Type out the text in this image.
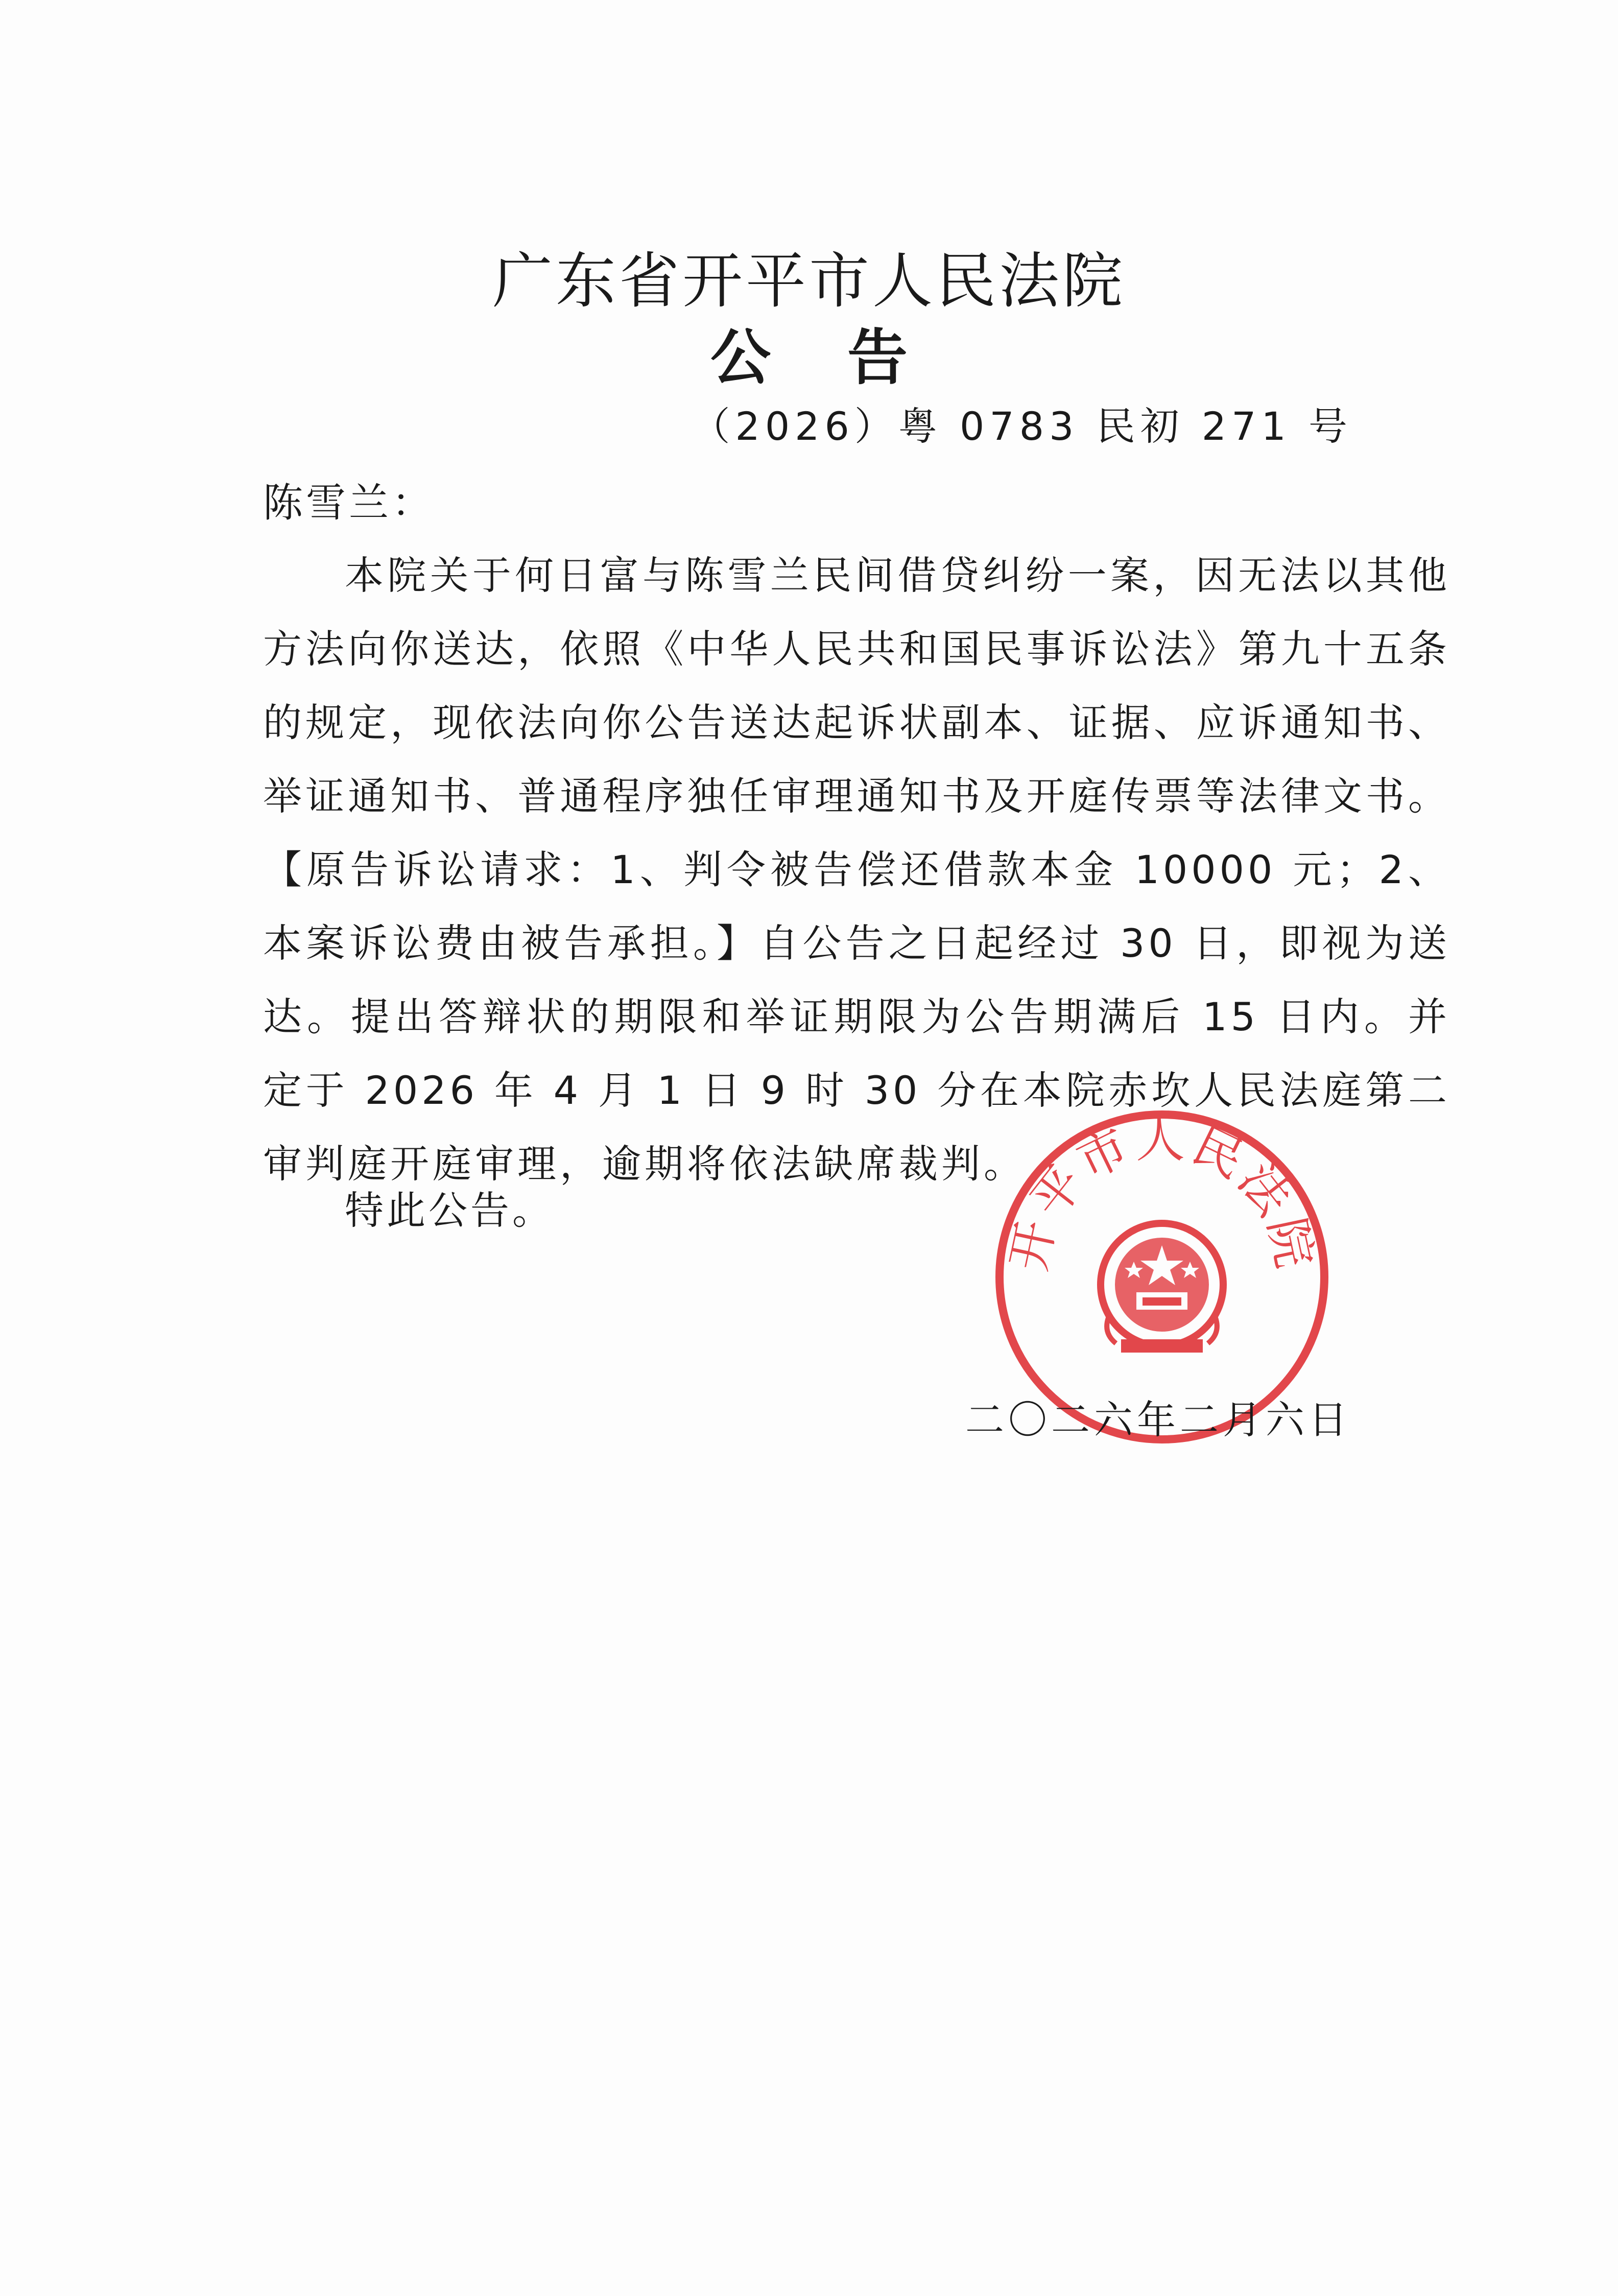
广东省开平市人民法院
公告
（2026）粤 0783 民初 271 号
陈雪兰：

本院关于何日富与陈雪兰民间借贷纠纷一案，因无法以其他方法向你送达，依照《中华人民共和国民事诉讼法》第九十五条的规定，现依法向你公告送达起诉状副本、证据、应诉通知书、举证通知书、普通程序独任审理通知书及开庭传票等法律文书。【原告诉讼请求：1、判令被告偿还借款本金 10000 元；2、本案诉讼费由被告承担。】自公告之日起经过 30 日，即视为送达。提出答辩状的期限和举证期限为公告期满后 15 日内。并定于 2026 年 4 月 1 日 9 时 30 分在本院赤坎人民法庭第二审判庭开庭审理，逾期将依法缺席裁判。

特此公告。
开平市人民法院
二〇二六年二月六日
